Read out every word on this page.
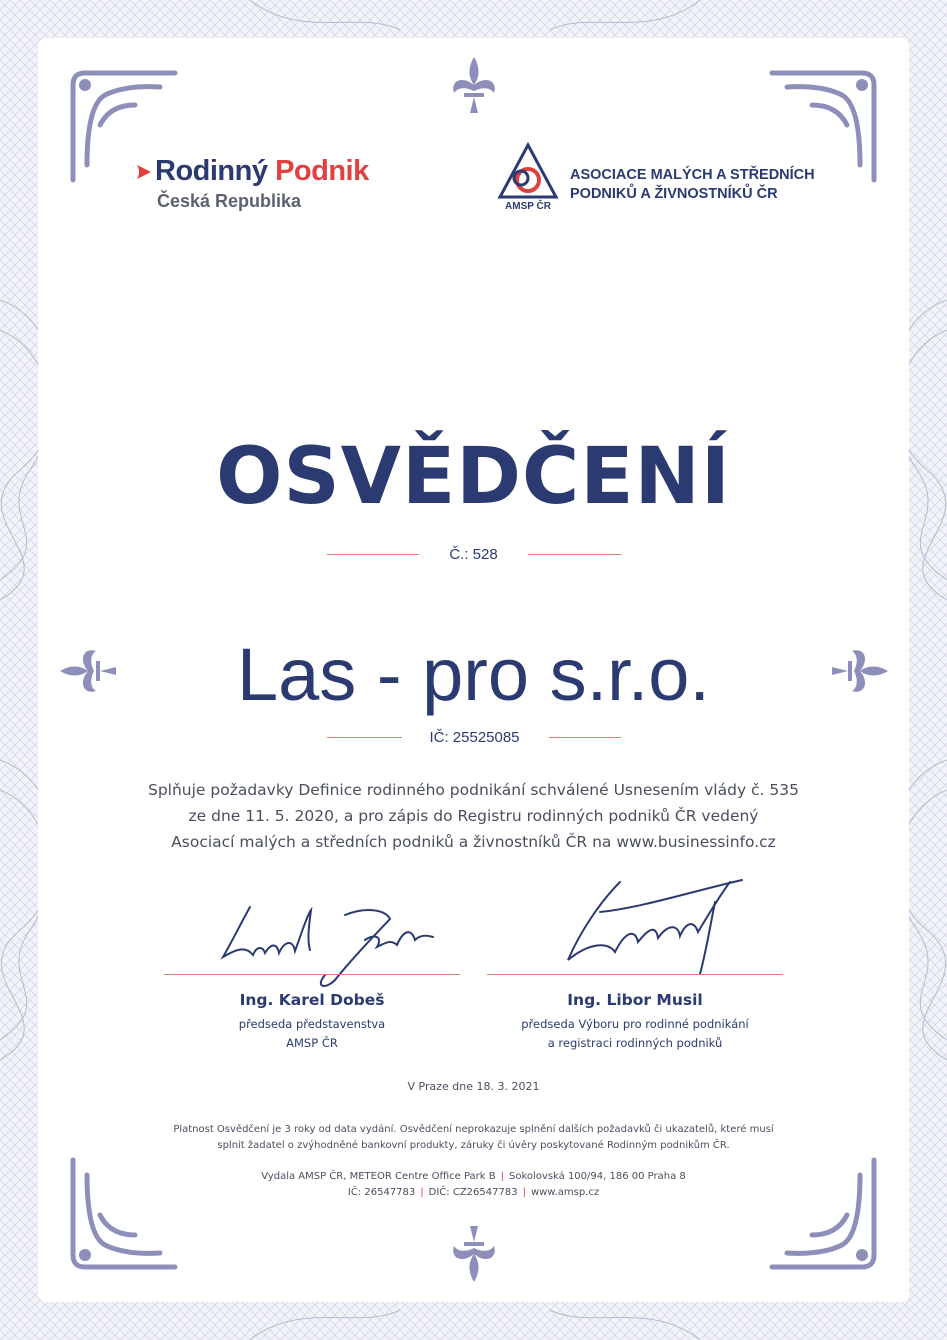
Rodinný Podnik
Česká Republika	AMSP ČR
ASOCIACE MALÝCH A STŘEDNÍCH
PODNIKŮ A ŽIVNOSTNÍKŮ ČR
OSVĚDČENÍ
Č.: 528
Las - pro s.r.o.
IČ: 25525085
Splňuje požadavky Definice rodinného podnikání schválené Usnesením vlády č. 535
ze dne 11. 5. 2020, a pro zápis do Registru rodinných podniků ČR vedený
Asociací malých a středních podniků a živnostníků ČR na www.businessinfo.cz
Ing. Karel Dobeš
předseda představenstva
AMSP ČR
Ing. Libor Musil
předseda Výboru pro rodinné podnikání
a registraci rodinných podniků
V Praze dne 18. 3. 2021
Platnost Osvědčení je 3 roky od data vydání. Osvědčení neprokazuje splnění dalších požadavků či ukazatelů, které musí
splnit žadatel o zvýhodněné bankovní produkty, záruky či úvěry poskytované Rodinným podnikům ČR.
Vydala AMSP ČR, METEOR Centre Office Park B | Sokolovská 100/94, 186 00 Praha 8
IČ: 26547783 | DIČ: CZ26547783 | www.amsp.cz
